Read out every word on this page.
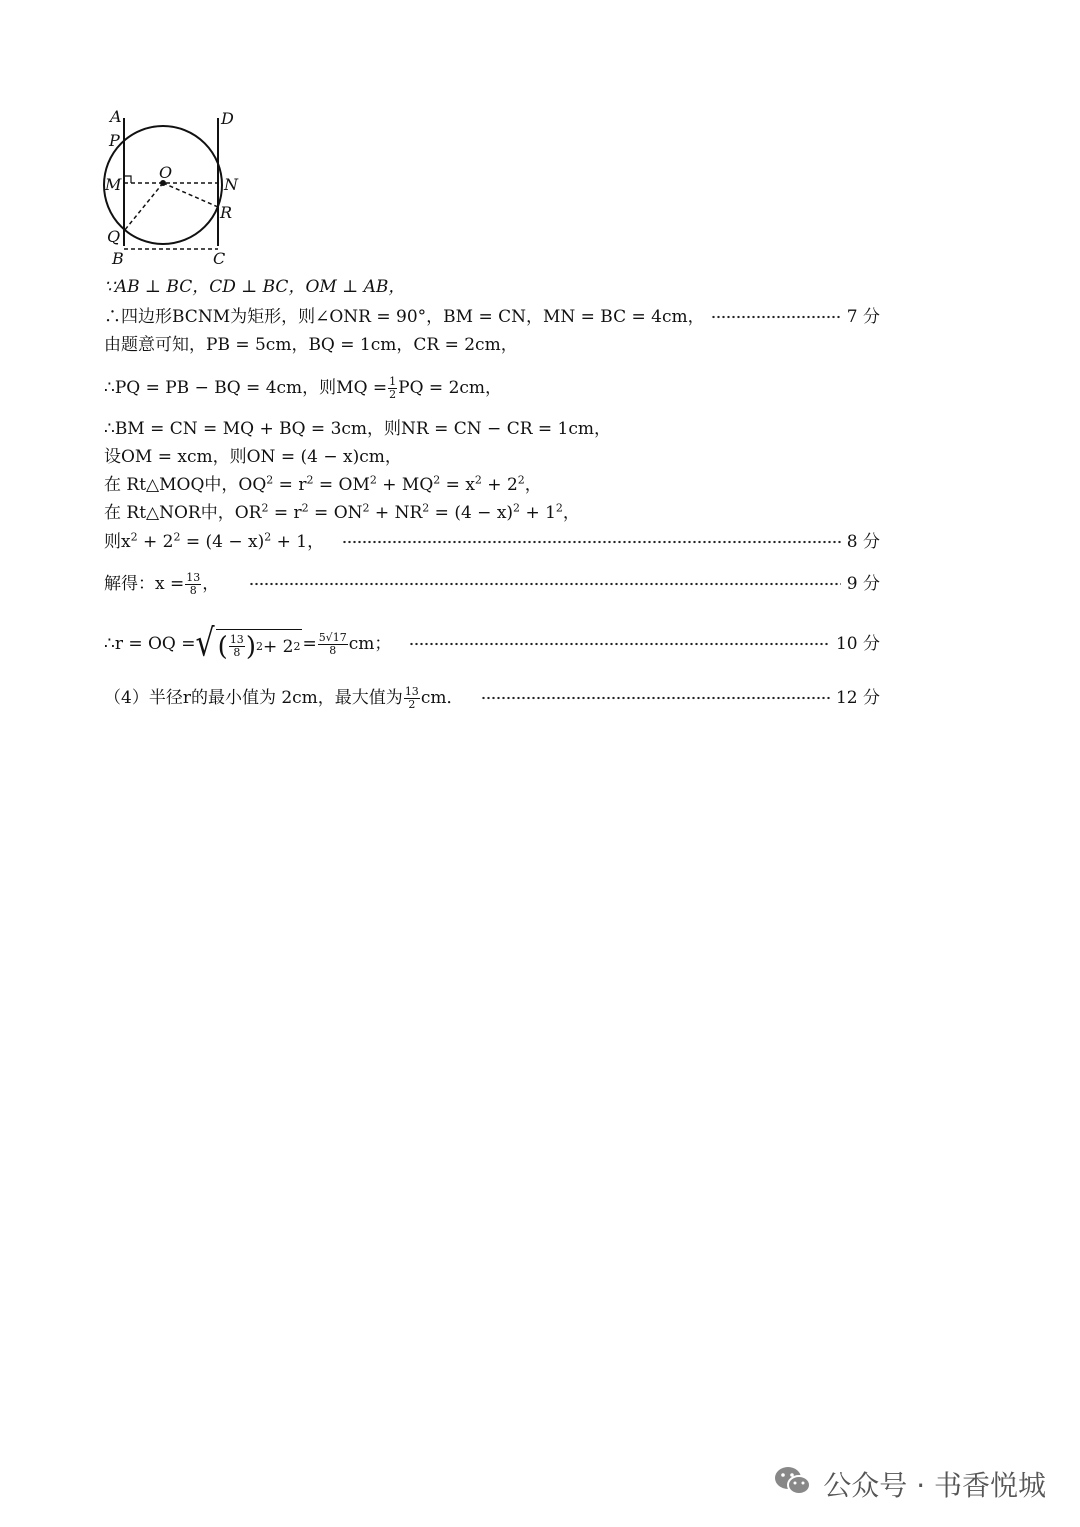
A
P
M
Q
B
O
D
N
R
C
∵AB ⊥ BC，CD ⊥ BC，OM ⊥ AB，
∴四边形BCNM为矩形，则∠ONR = 90°，BM = CN，MN = BC = 4cm，	7 分
由题意可知，PB = 5cm，BQ = 1cm，CR = 2cm，
∴PQ = PB − BQ = 4cm，则MQ = $\frac{1}{2}$ PQ = 2cm，
∴BM = CN = MQ + BQ = 3cm，则NR = CN − CR = 1cm，
设OM = xcm，则ON = (4 − x)cm，
在 Rt△MOQ中，$OQ^2 = r^2 = OM^2 + MQ^2 = x^2 + 2^2$，
在 Rt△NOR中，$OR^2 = r^2 = ON^2 + NR^2 = (4 - x)^2 + 1^2$，
则$x^2 + 2^2 = (4 - x)^2 + 1$，	8 分
解得：$x = \frac{13}{8}$ ，	9 分
∴r = OQ = √ ( $\frac{13}{8}$ ) 2 + 2 $2 = \frac{5√17}{8}$ cm；	10 分
（4）半径r的最小值为 2cm，最大值为 $\frac{13}{2}$ cm．	12 分
公众号 · 书香悦城
